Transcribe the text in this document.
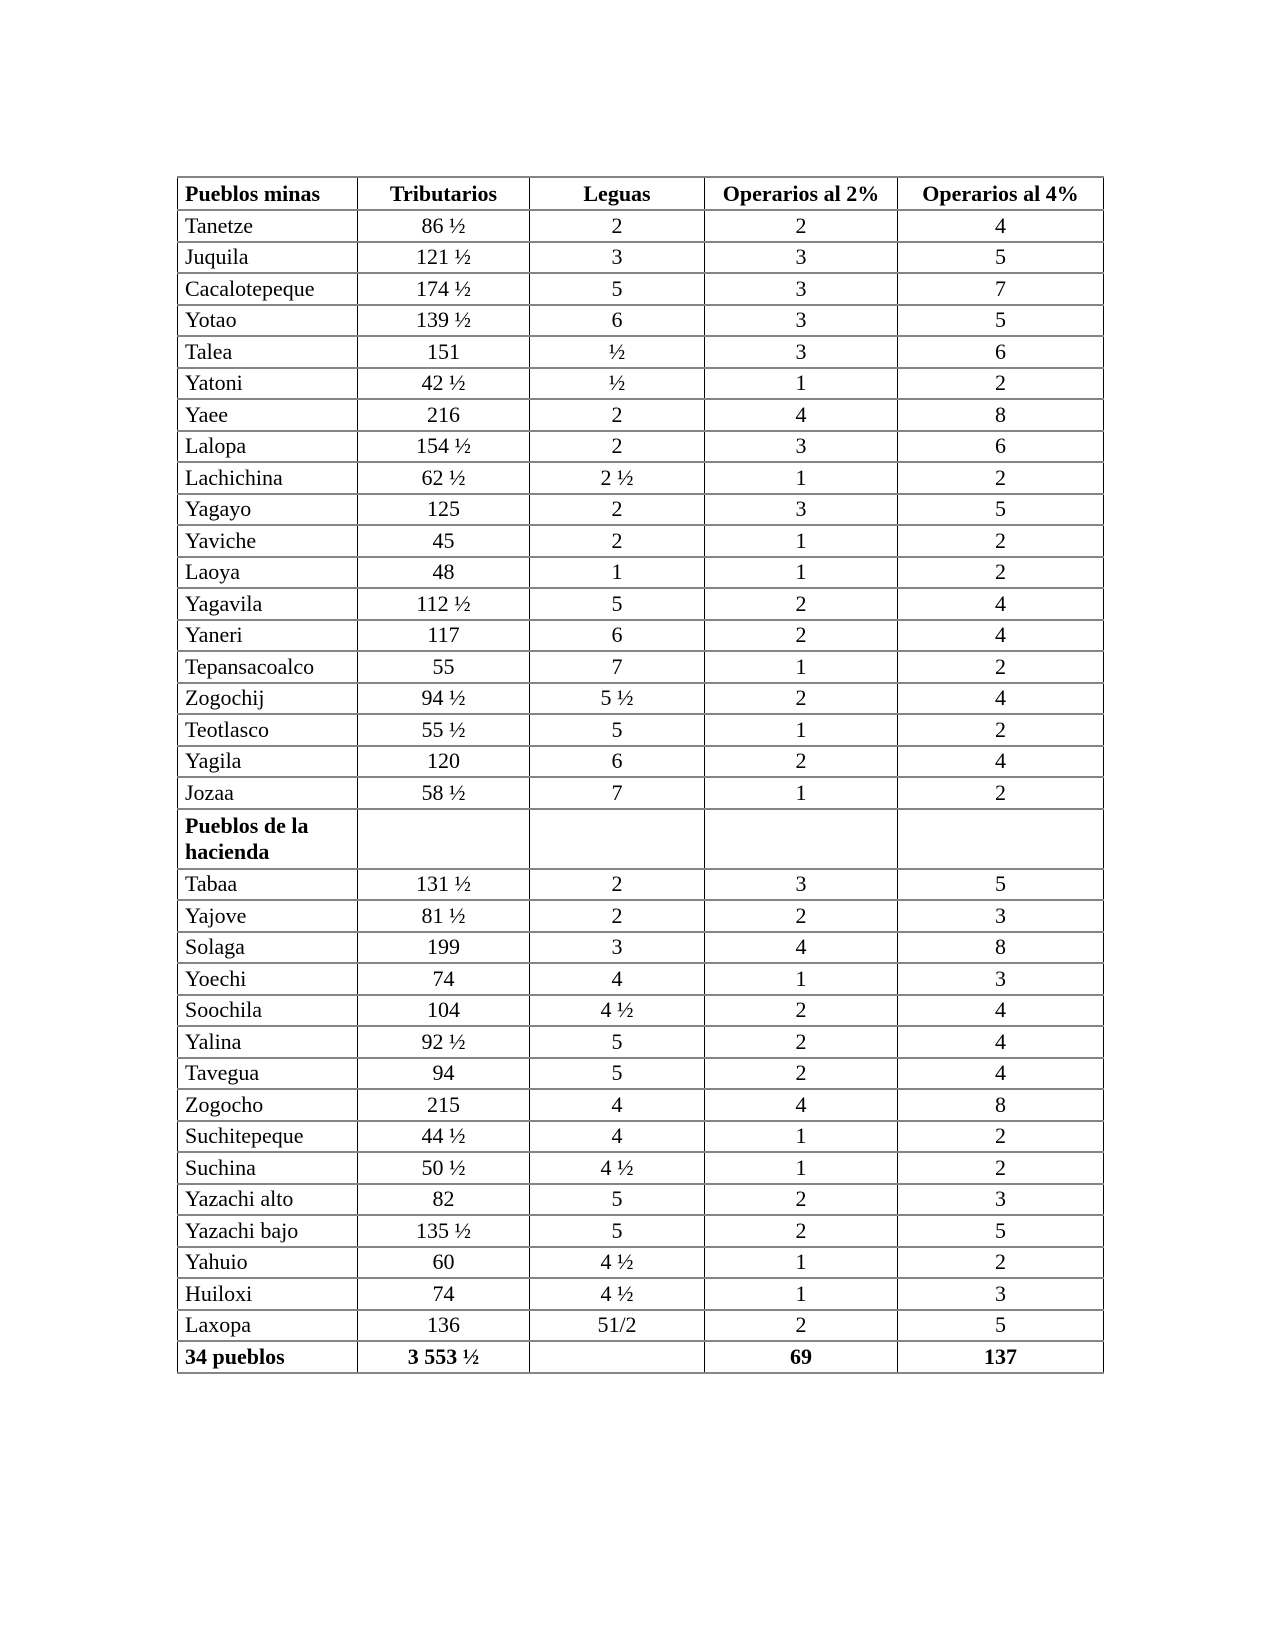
Pueblos minas	Tributarios	Leguas	Operarios al 2%	Operarios al 4%
Tanetze	86 ½	2	2	4
Juquila	121 ½	3	3	5
Cacalotepeque	174 ½	5	3	7
Yotao	139 ½	6	3	5
Talea	151	½	3	6
Yatoni	42 ½	½	1	2
Yaee	216	2	4	8
Lalopa	154 ½	2	3	6
Lachichina	62 ½	2 ½	1	2
Yagayo	125	2	3	5
Yaviche	45	2	1	2
Laoya	48	1	1	2
Yagavila	112 ½	5	2	4
Yaneri	117	6	2	4
Tepansacoalco	55	7	1	2
Zogochij	94 ½	5 ½	2	4
Teotlasco	55 ½	5	1	2
Yagila	120	6	2	4
Jozaa	58 ½	7	1	2
Pueblos de la hacienda				
Tabaa	131 ½	2	3	5
Yajove	81 ½	2	2	3
Solaga	199	3	4	8
Yoechi	74	4	1	3
Soochila	104	4 ½	2	4
Yalina	92 ½	5	2	4
Tavegua	94	5	2	4
Zogocho	215	4	4	8
Suchitepeque	44 ½	4	1	2
Suchina	50 ½	4 ½	1	2
Yazachi alto	82	5	2	3
Yazachi bajo	135 ½	5	2	5
Yahuio	60	4 ½	1	2
Huiloxi	74	4 ½	1	3
Laxopa	136	51/2	2	5
34 pueblos	3 553 ½		69	137
